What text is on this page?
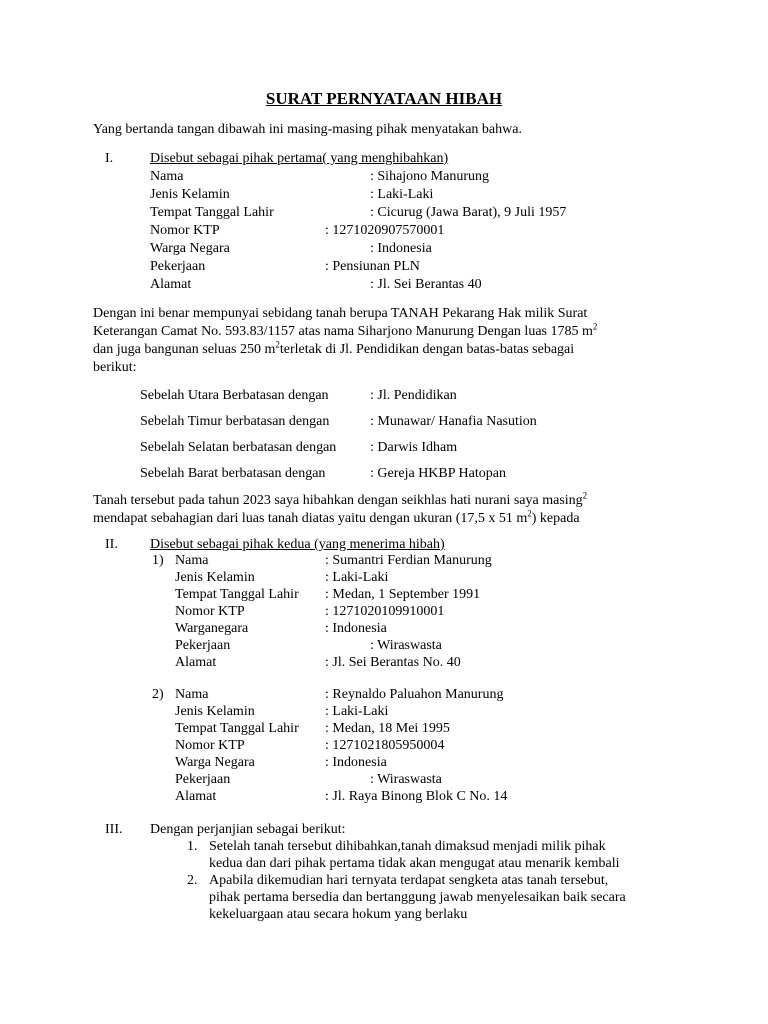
SURAT PERNYATAAN HIBAH
Yang bertanda tangan dibawah ini masing-masing pihak menyatakan bahwa.
I.	Disebut sebagai pihak pertama( yang menghibahkan)
Nama	: Sihajono Manurung
Jenis Kelamin	: Laki-Laki
Tempat Tanggal Lahir	: Cicurug (Jawa Barat), 9 Juli 1957
Nomor KTP	: 1271020907570001
Warga Negara	: Indonesia
Pekerjaan	: Pensiunan PLN
Alamat	: Jl. Sei Berantas 40
Dengan ini benar mempunyai sebidang tanah berupa TANAH Pekarang Hak milik Surat
Keterangan Camat No. 593.83/1157 atas nama Siharjono Manurung Dengan luas 1785 $m^2$
dan juga bangunan seluas 250 $m^2terletak$ di Jl. Pendidikan dengan batas-batas sebagai
berikut:
Sebelah Utara Berbatasan dengan	: Jl. Pendidikan
Sebelah Timur berbatasan dengan	: Munawar/ Hanafia Nasution
Sebelah Selatan berbatasan dengan : Darwis Idham
Sebelah Barat berbatasan dengan	: Gereja HKBP Hatopan
Tanah tersebut pada tahun 2023 saya hibahkan dengan seikhlas hati nurani saya masing$^2$
mendapat sebahagian dari luas tanah diatas yaitu dengan ukuran (17,5 x 51 $m^2$) kepada
II. Disebut sebagai pihak kedua (yang menerima hibah)
1) Nama	: Sumantri Ferdian Manurung
Jenis Kelamin	: Laki-Laki
Tempat Tanggal Lahir : Medan, 1 September 1991
Nomor KTP	: 1271020109910001
Warganegara	: Indonesia
Pekerjaan	: Wiraswasta
Alamat	: Jl. Sei Berantas No. 40
2) Nama	: Reynaldo Paluahon Manurung
Jenis Kelamin	: Laki-Laki
Tempat Tanggal Lahir : Medan, 18 Mei 1995
Nomor KTP	: 1271021805950004
Warga Negara	: Indonesia
Pekerjaan	: Wiraswasta
Alamat	: Jl. Raya Binong Blok C No. 14
III. Dengan perjanjian sebagai berikut:
1. Setelah tanah tersebut dihibahkan,tanah dimaksud menjadi milik pihak
kedua dan dari pihak pertama tidak akan mengugat atau menarik kembali
2. Apabila dikemudian hari ternyata terdapat sengketa atas tanah tersebut,
pihak pertama bersedia dan bertanggung jawab menyelesaikan baik secara
kekeluargaan atau secara hokum yang berlaku
